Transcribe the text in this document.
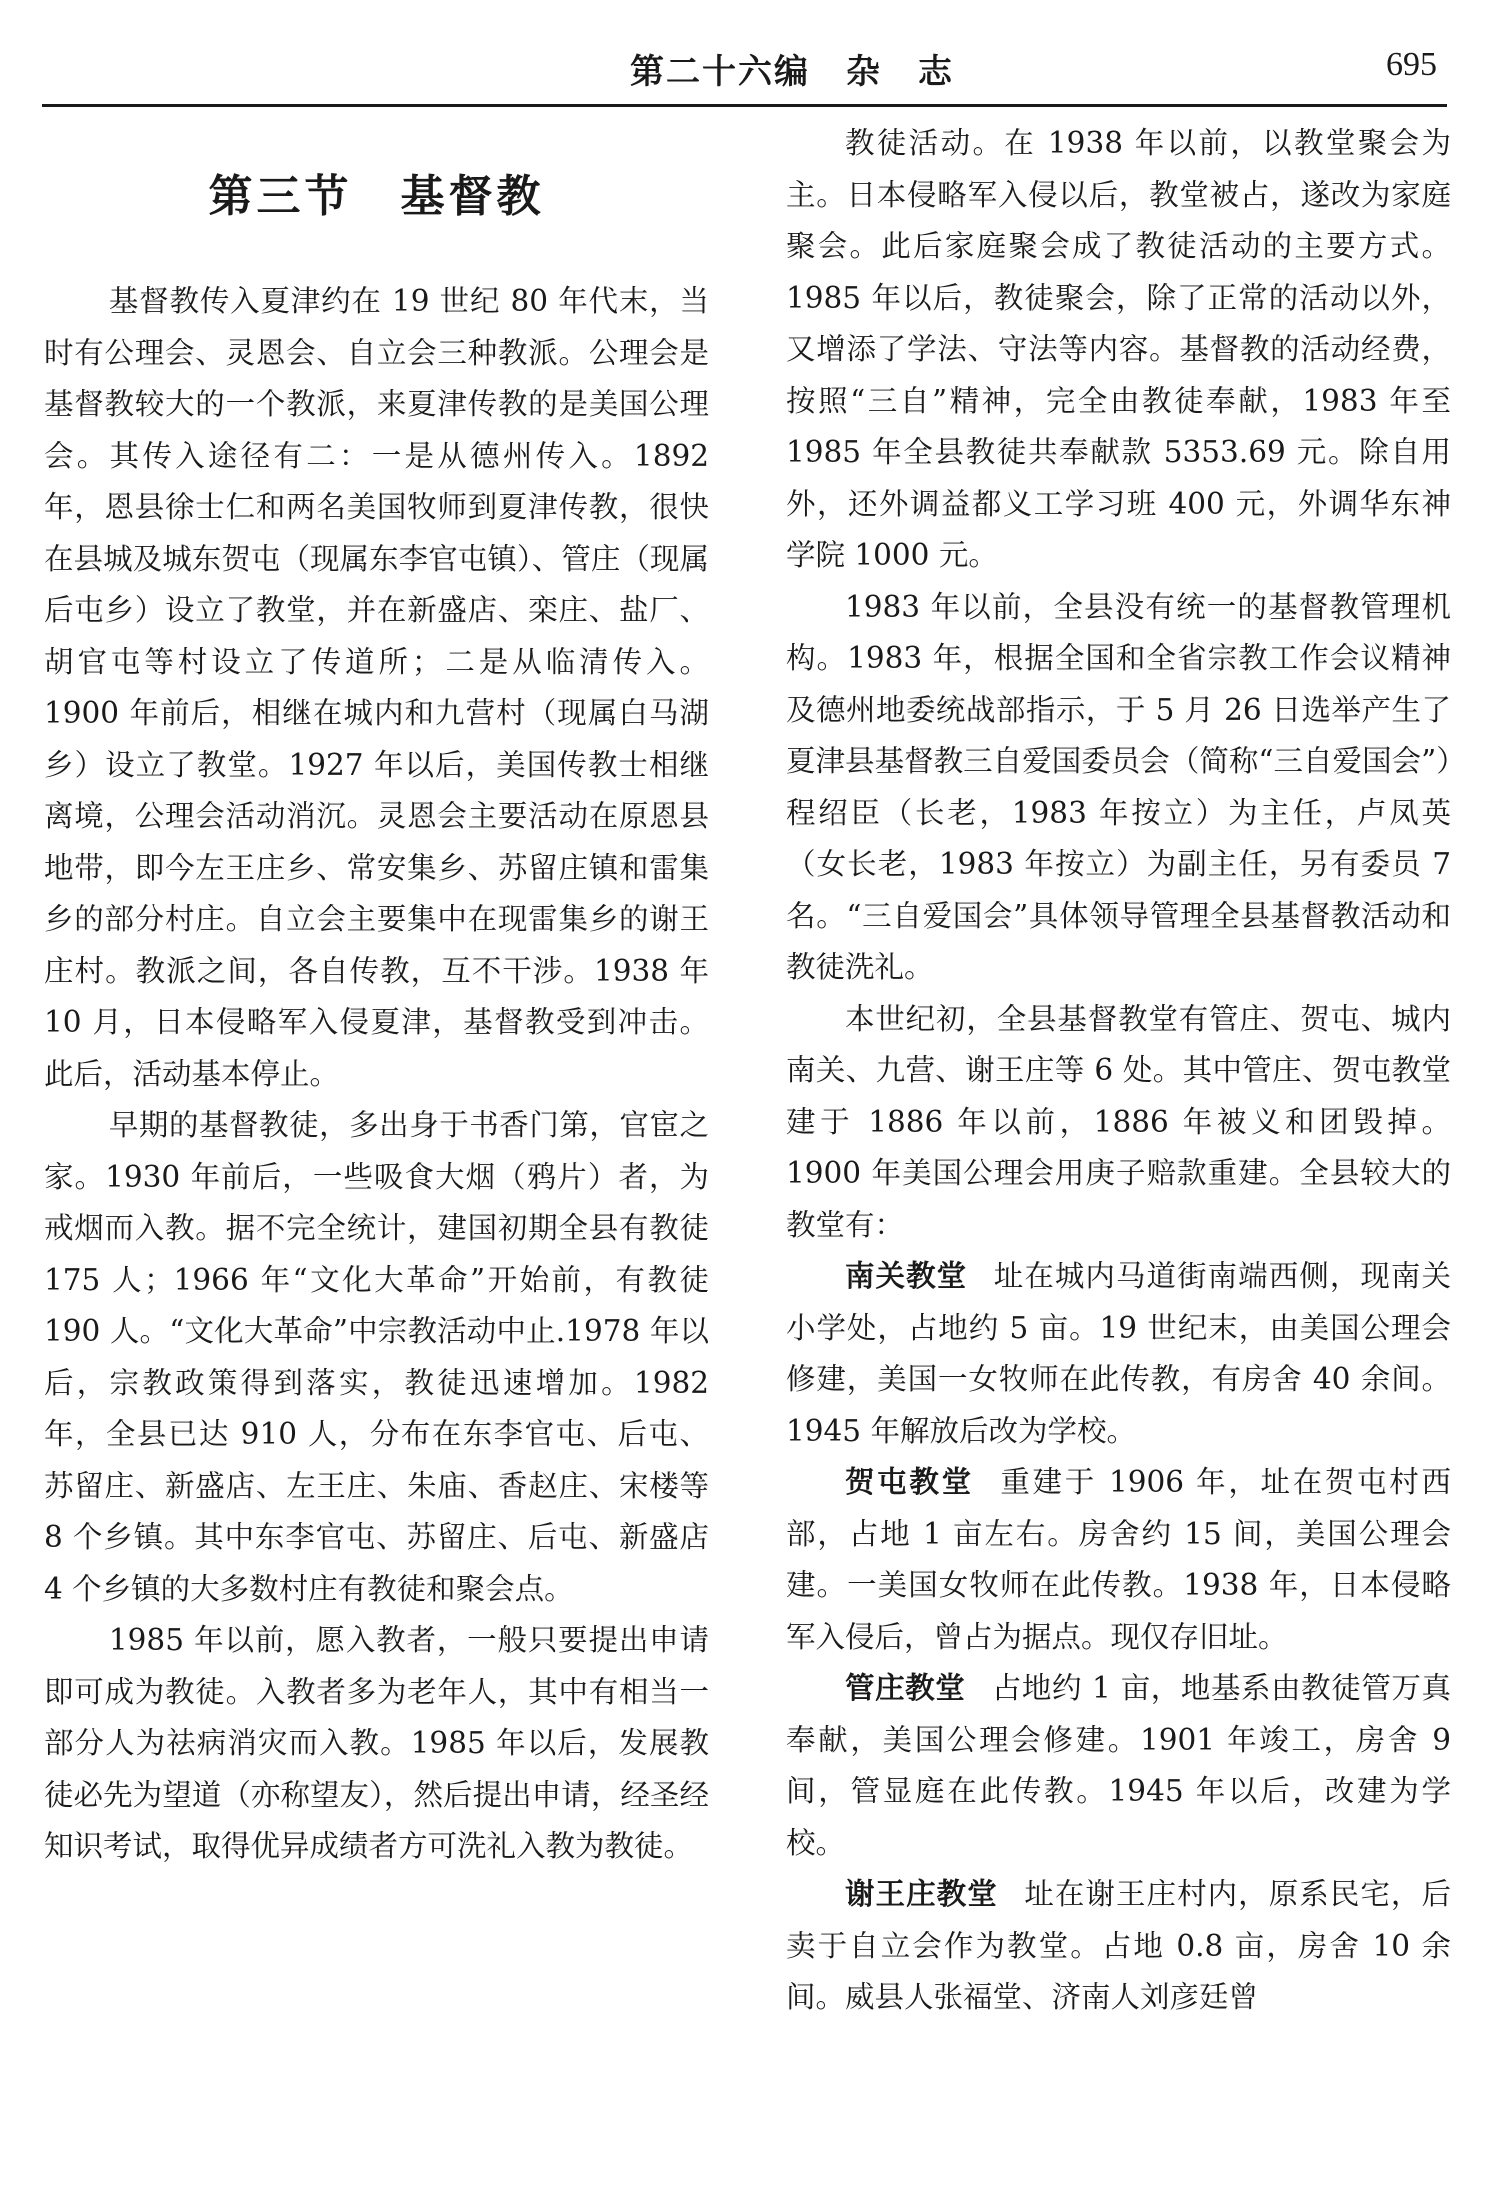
第二十六编　杂　志	695
第三节　基督教

基督教传入夏津约在 19 世纪 80 年代末，当时有公理会、灵恩会、自立会三种教派。公理会是基督教较大的一个教派，来夏津传教的是美国公理会。其传入途径有二：一是从德州传入。1892 年，恩县徐士仁和两名美国牧师到夏津传教，很快在县城及城东贺屯（现属东李官屯镇）、管庄（现属后屯乡）设立了教堂，并在新盛店、栾庄、盐厂、胡官屯等村设立了传道所；二是从临清传入。1900 年前后，相继在城内和九营村（现属白马湖乡）设立了教堂。1927 年以后，美国传教士相继离境，公理会活动消沉。灵恩会主要活动在原恩县地带，即今左王庄乡、常安集乡、苏留庄镇和雷集乡的部分村庄。自立会主要集中在现雷集乡的谢王庄村。教派之间，各自传教，互不干涉。1938 年 10 月，日本侵略军入侵夏津，基督教受到冲击。此后，活动基本停止。

早期的基督教徒，多出身于书香门第，官宦之家。1930 年前后，一些吸食大烟（鸦片）者，为戒烟而入教。据不完全统计，建国初期全县有教徒 175 人；1966 年“文化大革命”开始前，有教徒 190 人。“文化大革命”中宗教活动中止.1978 年以后，宗教政策得到落实，教徒迅速增加。1982 年，全县已达 910 人，分布在东李官屯、后屯、苏留庄、新盛店、左王庄、朱庙、香赵庄、宋楼等 8 个乡镇。其中东李官屯、苏留庄、后屯、新盛店 4 个乡镇的大多数村庄有教徒和聚会点。

1985 年以前，愿入教者，一般只要提出申请即可成为教徒。入教者多为老年人，其中有相当一部分人为祛病消灾而入教。1985 年以后，发展教徒必先为望道（亦称望友），然后提出申请，经圣经知识考试，取得优异成绩者方可洗礼入教为教徒。

教徒活动。在 1938 年以前，以教堂聚会为主。日本侵略军入侵以后，教堂被占，遂改为家庭聚会。此后家庭聚会成了教徒活动的主要方式。1985 年以后，教徒聚会，除了正常的活动以外，又增添了学法、守法等内容。基督教的活动经费，按照“三自”精神，完全由教徒奉献，1983 年至 1985 年全县教徒共奉献款 5353.69 元。除自用外，还外调益都义工学习班 400 元，外调华东神学院 1000 元。

1983 年以前，全县没有统一的基督教管理机构。1983 年，根据全国和全省宗教工作会议精神及德州地委统战部指示，于 5 月 26 日选举产生了夏津县基督教三自爱国委员会（简称“三自爱国会”）程绍臣（长老，1983 年按立）为主任，卢凤英（女长老，1983 年按立）为副主任，另有委员 7 名。“三自爱国会”具体领导管理全县基督教活动和教徒洗礼。

本世纪初，全县基督教堂有管庄、贺屯、城内南关、九营、谢王庄等 6 处。其中管庄、贺屯教堂建于 1886 年以前，1886 年被义和团毁掉。1900 年美国公理会用庚子赔款重建。全县较大的教堂有：

南关教堂 址在城内马道街南端西侧，现南关小学处，占地约 5 亩。19 世纪末，由美国公理会修建，美国一女牧师在此传教，有房舍 40 余间。1945 年解放后改为学校。

贺屯教堂 重建于 1906 年，址在贺屯村西部，占地 1 亩左右。房舍约 15 间，美国公理会建。一美国女牧师在此传教。1938 年，日本侵略军入侵后，曾占为据点。现仅存旧址。

管庄教堂 占地约 1 亩，地基系由教徒管万真奉献，美国公理会修建。1901 年竣工，房舍 9 间，管显庭在此传教。1945 年以后，改建为学校。

谢王庄教堂 址在谢王庄村内，原系民宅，后卖于自立会作为教堂。占地 0.8 亩，房舍 10 余间。威县人张福堂、济南人刘彦廷曾
